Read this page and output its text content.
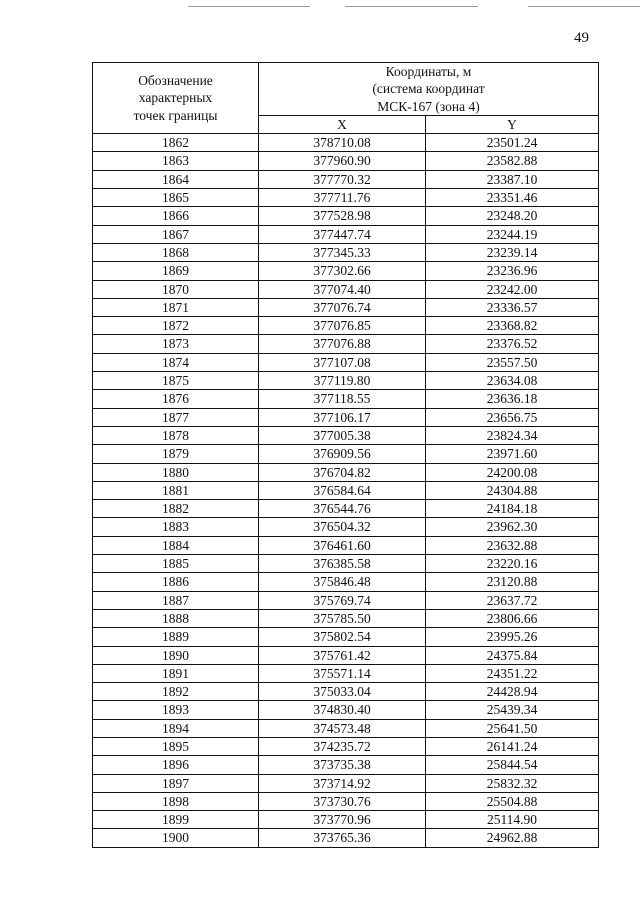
49
Обозначение
характерных
точек границы	Координаты, м
(система координат
МСК-167 (зона 4)	

	X	Y
1862	378710.08	23501.24
1863	377960.90	23582.88
1864	377770.32	23387.10
1865	377711.76	23351.46
1866	377528.98	23248.20
1867	377447.74	23244.19
1868	377345.33	23239.14
1869	377302.66	23236.96
1870	377074.40	23242.00
1871	377076.74	23336.57
1872	377076.85	23368.82
1873	377076.88	23376.52
1874	377107.08	23557.50
1875	377119.80	23634.08
1876	377118.55	23636.18
1877	377106.17	23656.75
1878	377005.38	23824.34
1879	376909.56	23971.60
1880	376704.82	24200.08
1881	376584.64	24304.88
1882	376544.76	24184.18
1883	376504.32	23962.30
1884	376461.60	23632.88
1885	376385.58	23220.16
1886	375846.48	23120.88
1887	375769.74	23637.72
1888	375785.50	23806.66
1889	375802.54	23995.26
1890	375761.42	24375.84
1891	375571.14	24351.22
1892	375033.04	24428.94
1893	374830.40	25439.34
1894	374573.48	25641.50
1895	374235.72	26141.24
1896	373735.38	25844.54
1897	373714.92	25832.32
1898	373730.76	25504.88
1899	373770.96	25114.90
1900	373765.36	24962.88
